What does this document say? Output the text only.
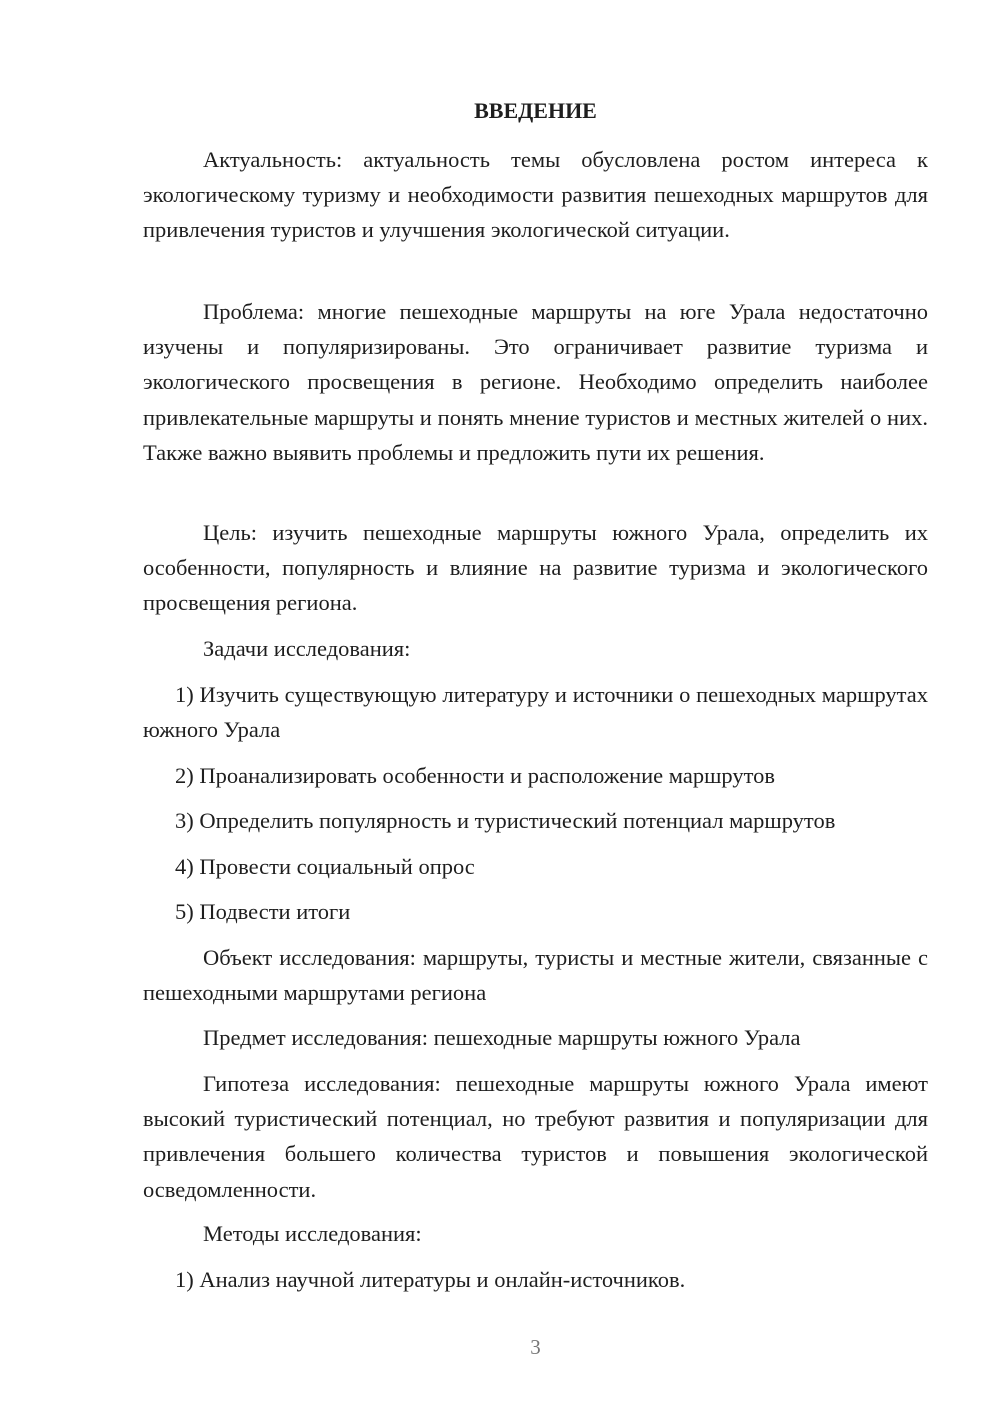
ВВЕДЕНИЕ

Актуальность: актуальность темы обусловлена ростом интереса к экологическому туризму и необходимости развития пешеходных маршрутов для привлечения туристов и улучшения экологической ситуации.

Проблема: многие пешеходные маршруты на юге Урала недостаточно изучены и популяризированы. Это ограничивает развитие туризма и экологического просвещения в регионе. Необходимо определить наиболее привлекательные маршруты и понять мнение туристов и местных жителей о них. Также важно выявить проблемы и предложить пути их решения.

Цель: изучить пешеходные маршруты южного Урала, определить их особенности, популярность и влияние на развитие туризма и экологического просвещения региона.

Задачи исследования:

1) Изучить существующую литературу и источники о пешеходных маршрутах южного Урала

2) Проанализировать особенности и расположение маршрутов

3) Определить популярность и туристический потенциал маршрутов

4) Провести социальный опрос

5) Подвести итоги

Объект исследования: маршруты, туристы и местные жители, связанные с пешеходными маршрутами региона

Предмет исследования: пешеходные маршруты южного Урала

Гипотеза исследования: пешеходные маршруты южного Урала имеют высокий туристический потенциал, но требуют развития и популяризации для привлечения большего количества туристов и повышения экологической осведомленности.

Методы исследования:

1) Анализ научной литературы и онлайн-источников.

3
